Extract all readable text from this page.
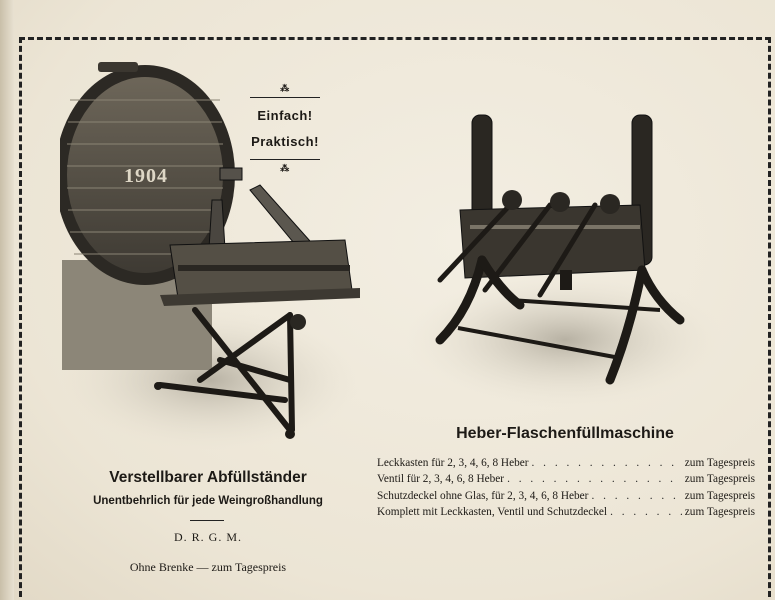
1904
⁂
Einfach!
Praktisch!
⁂
Verstellbarer Abfüllständer
Unentbehrlich für jede Weingroßhandlung
D. R. G. M.
Ohne Brenke — zum Tagespreis
Heber-Flaschenfüllmaschine
Leckkasten für 2, 3, 4, 6, 8 Heber . . .	zum Tagespreis
Ventil für 2, 3, 4, 6, 8 Heber . . .	zum Tagespreis
Schutzdeckel ohne Glas, für 2, 3, 4, 6, 8 Heber . . .	zum Tagespreis
Komplett mit Leckkasten, Ventil und Schutzdeckel . . .	zum Tagespreis
